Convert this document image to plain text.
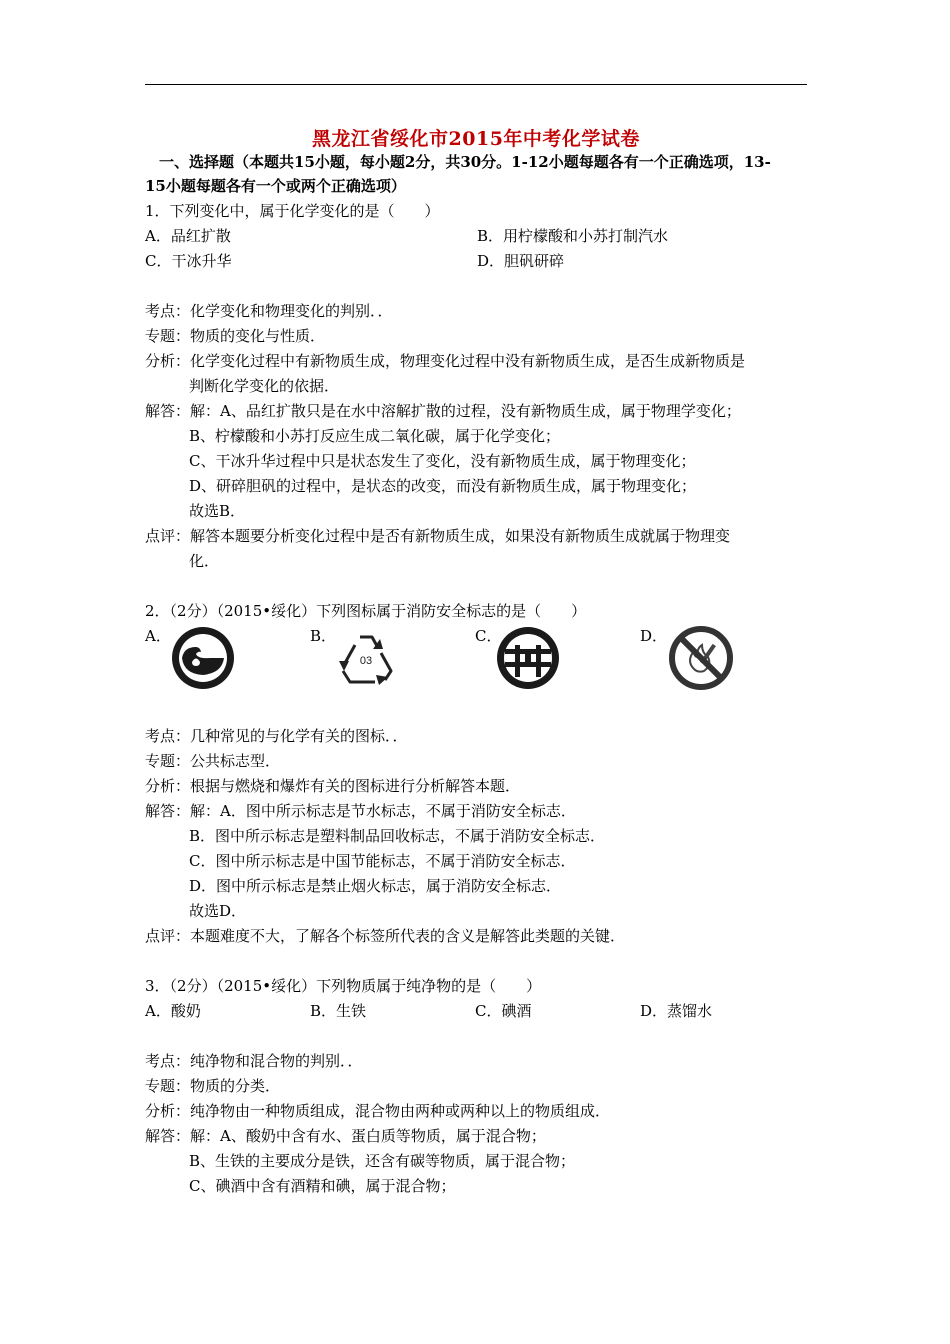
黑龙江省绥化市2015年中考化学试卷
一、选择题（本题共15小题，每小题2分，共30分。1-12小题每题各有一个正确选项，13-
15小题每题各有一个或两个正确选项）
1．下列变化中，属于化学变化的是（　　）
A．品红扩散	B．用柠檬酸和小苏打制汽水
C．干冰升华	D．胆矾研碎
考点：化学变化和物理变化的判别．．
专题：物质的变化与性质．
分析：化学变化过程中有新物质生成，物理变化过程中没有新物质生成，是否生成新物质是
判断化学变化的依据．
解答：解：A、品红扩散只是在水中溶解扩散的过程，没有新物质生成，属于物理学变化；
B、柠檬酸和小苏打反应生成二氧化碳，属于化学变化；
C、干冰升华过程中只是状态发生了变化，没有新物质生成，属于物理变化；
D、研碎胆矾的过程中，是状态的改变，而没有新物质生成，属于物理变化；
故选B．
点评：解答本题要分析变化过程中是否有新物质生成，如果没有新物质生成就属于物理变
化．
2．（2分）（2015•绥化）下列图标属于消防安全标志的是（　　）
A．	B．	C．	D．
03
考点：几种常见的与化学有关的图标．．
专题：公共标志型．
分析：根据与燃烧和爆炸有关的图标进行分析解答本题．
解答：解：A．图中所示标志是节水标志，不属于消防安全标志．
B．图中所示标志是塑料制品回收标志，不属于消防安全标志．
C．图中所示标志是中国节能标志，不属于消防安全标志．
D．图中所示标志是禁止烟火标志，属于消防安全标志．
故选D．
点评：本题难度不大，了解各个标签所代表的含义是解答此类题的关键．
3．（2分）（2015•绥化）下列物质属于纯净物的是（　　）
A．酸奶	B．生铁	C．碘酒	D．蒸馏水
考点：纯净物和混合物的判别．．
专题：物质的分类．
分析：纯净物由一种物质组成，混合物由两种或两种以上的物质组成．
解答：解：A、酸奶中含有水、蛋白质等物质，属于混合物；
B、生铁的主要成分是铁，还含有碳等物质，属于混合物；
C、碘酒中含有酒精和碘，属于混合物；
